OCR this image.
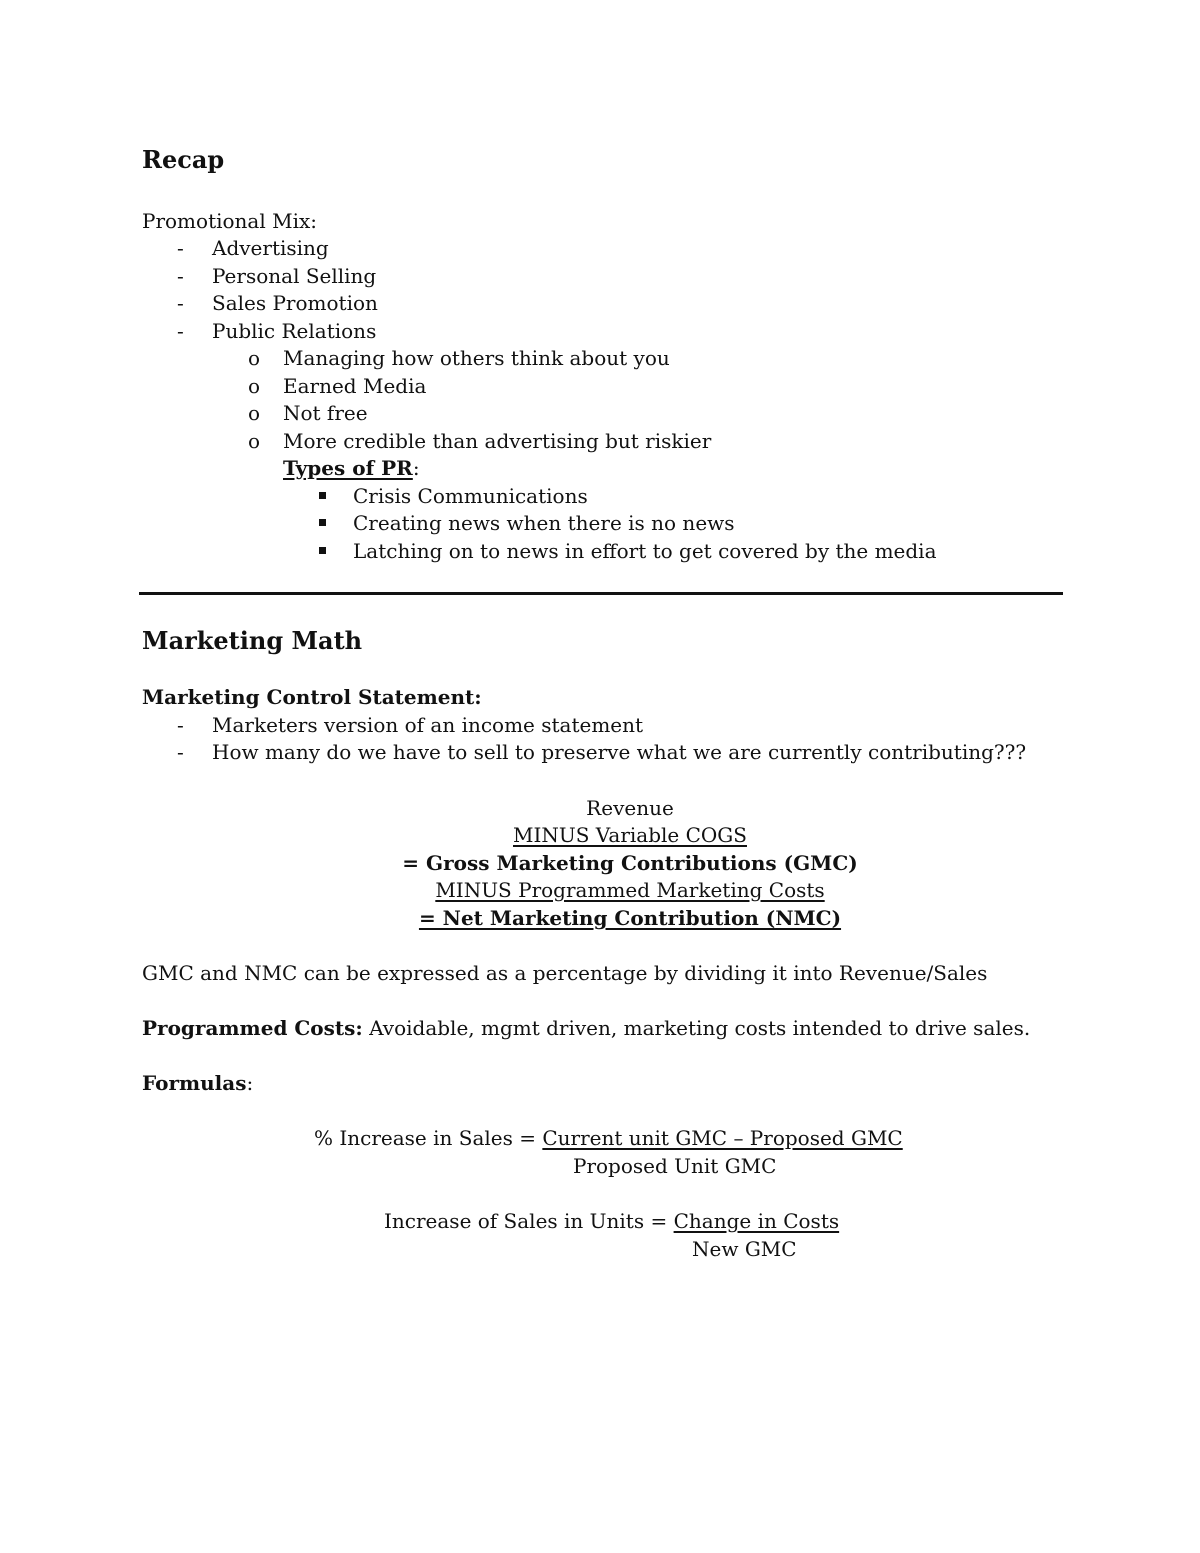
Recap
Promotional Mix:
- Advertising
- Personal Selling
- Sales Promotion
- Public Relations
o Managing how others think about you
o Earned Media
o Not free
o More credible than advertising but riskier
Types of PR:
Crisis Communications
Creating news when there is no news
Latching on to news in effort to get covered by the media
Marketing Math
Marketing Control Statement:
- Marketers version of an income statement
- How many do we have to sell to preserve what we are currently contributing???
Revenue
MINUS Variable COGS
= Gross Marketing Contributions (GMC)
MINUS Programmed Marketing Costs
= Net Marketing Contribution (NMC)
GMC and NMC can be expressed as a percentage by dividing it into Revenue/Sales
Programmed Costs: Avoidable, mgmt driven, marketing costs intended to drive sales.
Formulas:
% Increase in Sales = Current unit GMC – Proposed GMC
Proposed Unit GMC
Increase of Sales in Units = Change in Costs
New GMC
